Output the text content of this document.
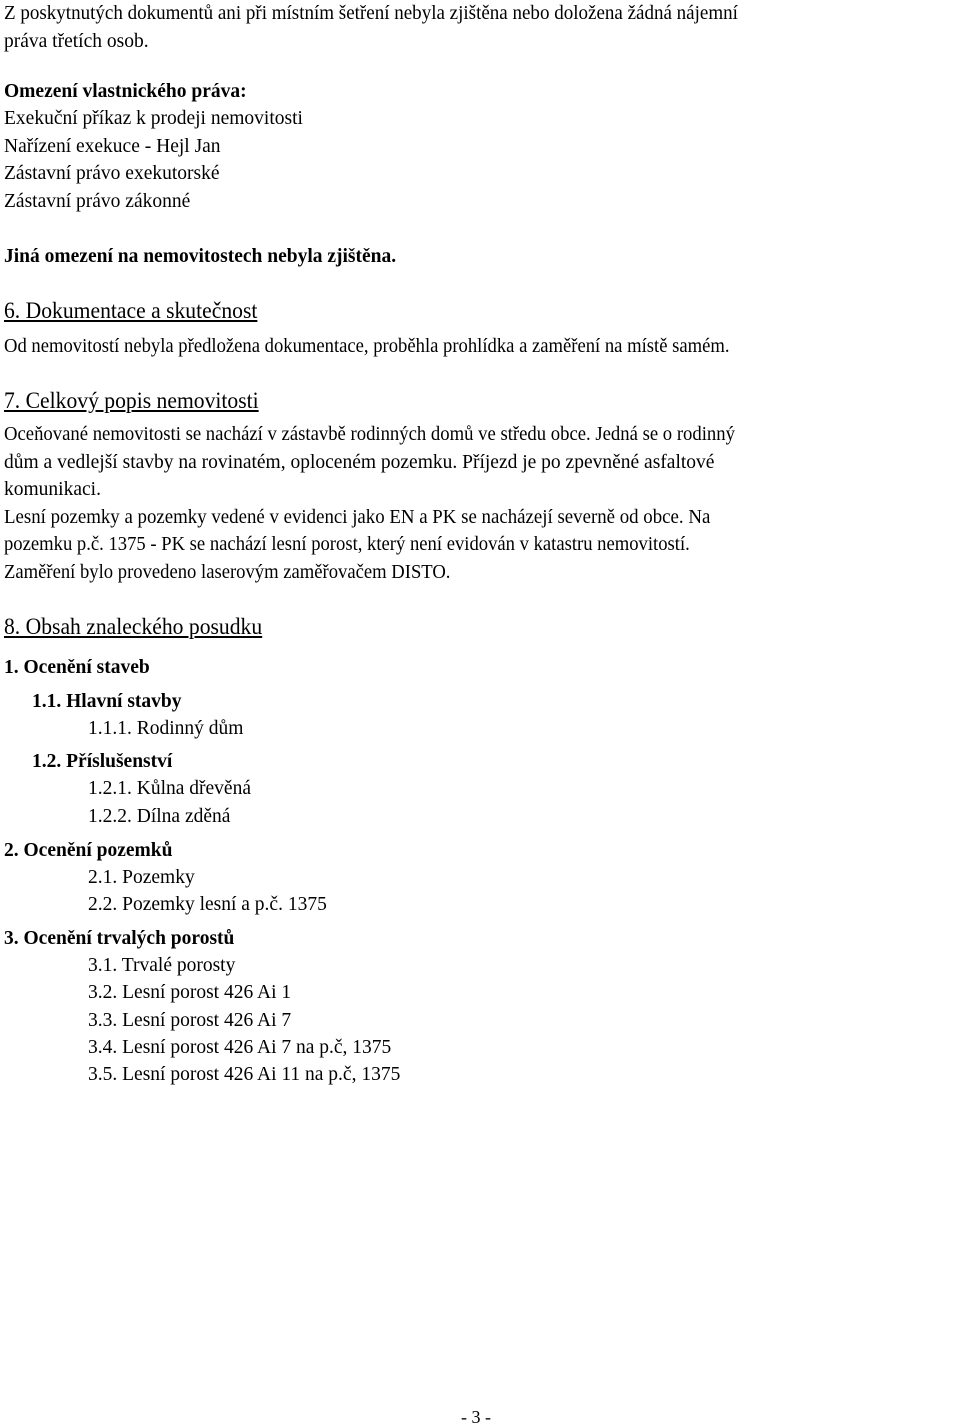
Z poskytnutých dokumentů ani při místním šetření nebyla zjištěna nebo doložena žádná nájemní
práva třetích osob.
Omezení vlastnického práva:
Exekuční příkaz k prodeji nemovitosti
Nařízení exekuce - Hejl Jan
Zástavní právo exekutorské
Zástavní právo zákonné
Jiná omezení na nemovitostech nebyla zjištěna.
6. Dokumentace a skutečnost
Od nemovitostí nebyla předložena dokumentace, proběhla prohlídka a zaměření na místě samém.
7. Celkový popis nemovitosti
Oceňované nemovitosti se nachází v zástavbě rodinných domů ve středu obce. Jedná se o rodinný
dům a vedlejší stavby na rovinatém, oploceném pozemku. Příjezd je po zpevněné asfaltové
komunikaci.
Lesní pozemky a pozemky vedené v evidenci jako EN a PK se nacházejí severně od obce. Na
pozemku p.č. 1375 - PK se nachází lesní porost, který není evidován v katastru nemovitostí.
Zaměření bylo provedeno laserovým zaměřovačem DISTO.
8. Obsah znaleckého posudku
1. Ocenění staveb
1.1. Hlavní stavby
1.1.1. Rodinný dům
1.2. Příslušenství
1.2.1. Kůlna dřevěná
1.2.2. Dílna zděná
2. Ocenění pozemků
2.1. Pozemky
2.2. Pozemky lesní a p.č. 1375
3. Ocenění trvalých porostů
3.1. Trvalé porosty
3.2. Lesní porost 426 Ai 1
3.3. Lesní porost 426 Ai 7
3.4. Lesní porost 426 Ai 7 na p.č, 1375
3.5. Lesní porost 426 Ai 11 na p.č, 1375
- 3 -
